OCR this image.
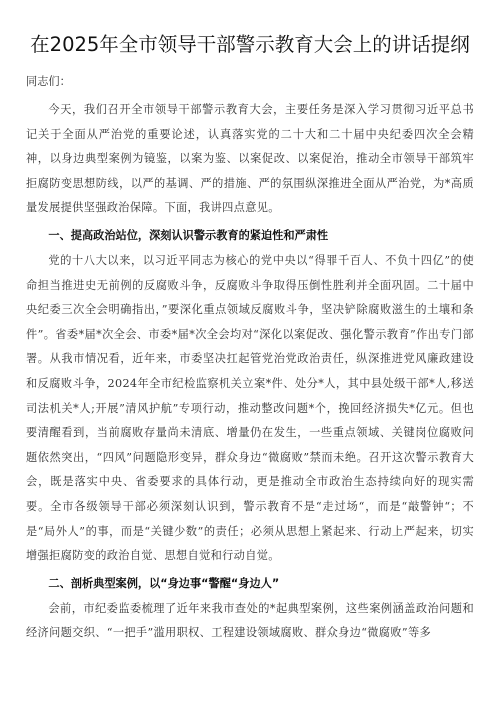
在2025年全市领导干部警示教育大会上的讲话提纲

同志们：

今天，我们召开全市领导干部警示教育大会，主要任务是深入学习贯彻习近平总书记关于全面从严治党的重要论述，认真落实党的二十大和二十届中央纪委四次全会精神，以身边典型案例为镜鉴，以案为鉴、以案促改、以案促治，推动全市领导干部筑牢拒腐防变思想防线，以严的基调、严的措施、严的氛围纵深推进全面从严治党，为*高质量发展提供坚强政治保障。下面，我讲四点意见。

一、提高政治站位，深刻认识警示教育的紧迫性和严肃性

党的十八大以来，以习近平同志为核心的党中央以“得罪千百人、不负十四亿”的使命担当推进史无前例的反腐败斗争，反腐败斗争取得压倒性胜利并全面巩固。二十届中央纪委三次全会明确指出，”要深化重点领域反腐败斗争，坚决铲除腐败滋生的土壤和条件”。省委*届*次全会、市委*届*次全会均对“深化以案促改、强化警示教育”作出专门部署。从我市情况看，近年来，市委坚决扛起管党治党政治责任，纵深推进党风廉政建设和反腐败斗争，2024年全市纪检监察机关立案*件、处分*人，其中县处级干部*人,移送司法机关*人;开展”清风护航”专项行动，推动整改问题*个，挽回经济损失*亿元。但也要清醒看到，当前腐败存量尚未清底、增量仍在发生，一些重点领域、关键岗位腐败问题依然突出，“四风”问题隐形变异，群众身边“微腐败”禁而未绝。召开这次警示教育大会，既是落实中央、省委要求的具体行动，更是推动全市政治生态持续向好的现实需要。全市各级领导干部必须深刻认识到，警示教育不是“走过场“，而是“敲警钟“；不是“局外人”的事，而是“关键少数”的责任；必须从思想上紧起来、行动上严起来，切实增强拒腐防变的政治自觉、思想自觉和行动自觉。

二、剖析典型案例，以“身边事“警醒“身边人”

会前，市纪委监委梳理了近年来我市查处的*起典型案例，这些案例涵盖政治问题和经济问题交织、“一把手”滥用职权、工程建设领域腐败、群众身边“微腐败”等多
